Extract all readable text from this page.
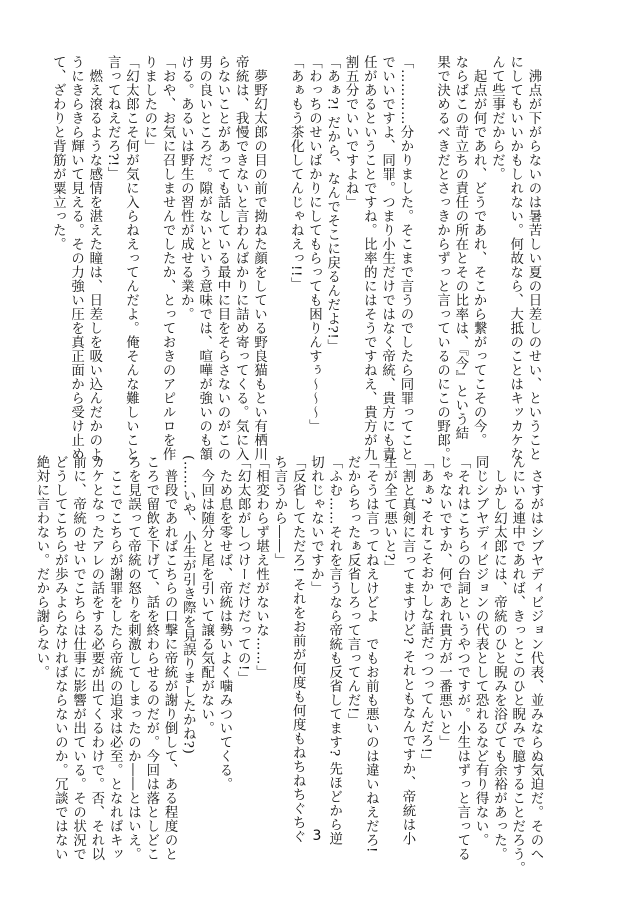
　沸点が下がらないのは暑苦しい夏の日差しのせい、ということ
にしてもいいかもしれない。何故なら、大抵のことはキッカケな
んて些事だからだ。
　起点が何であれ、どうであれ、そこから繋がってこその今。
ならばこの苛立ちの責任の所在とその比率は、『今』という結
果で決めるべきだとさっきからずっと言っているのにこの野郎。

「…………分かりました。そこまで言うのでしたら同罪ってこと
でいいですよ、同罪。つまり小生だけではなく帝統、貴方にも責
任があるということですね。比率的にはそうですねえ、貴方が九
割五分でいいですよね」
「あぁ?! だから、なんでそこに戻るんだよ?!」
「わっちのせいばかりにしてもらっても困りんすぅ〜〜〜」
「あぁもう茶化してんじゃねえっ!!」

　夢野幻太郎の目の前で拗ねた顔をしている野良猫もとい有栖川
帝統は、我慢できないと言わんばかりに詰め寄ってくる。気に入
らないことがあっても話している最中に目をそらさないのがこの
男の良いところだ。隙がないという意味では、喧嘩が強いのも頷
ける。あるいは野生の習性が成せる業か。
「おや、お気に召しませんでしたか、とっておきのアピルロを作
りましたのに」
「幻太郎こそ何が気に入らねえってんだよ。俺そんな難しいこと
言ってねえだろ?!」
　燃え滾るような感情を湛えた瞳は、日差しを吸い込んだかのよ
うにきらきら輝いて見える。その力強い圧を真正面から受け止め
て、ざわりと背筋が粟立った。
　さすがはシブヤディビジョン代表、並みならぬ気迫だ。そのへ
んにいる連中であれば、きっとこのひと睨みで臆することだろう。
　しかし幻太郎には、帝統のひと睨みを浴びても余裕があった。
同じシブヤディビジョンの代表として恐れるなど有り得ない。
「それはこちらの台詞というやつですが。小生はずっと言ってる
じゃないですか、何であれ貴方が一番悪いと」
「あぁ? それこそおかしな話だっつってんだろ!」
「割と真剣に言ってますけど? それともなんですか、帝統は小
生が全て悪いと?」
「そうは言ってねえけどよ　でもお前も悪いのは違いねえだろ!
だからちったぁ反省しろって言ってんだ!」
「ふむ……それを言うなら帝統も反省してます? 先ほどから逆
切れじゃないですか」
「反省してただろ! それをお前が何度も何度もねちねちぐちぐ
ち言うから――」
「相変わらず堪え性がないな……」
「幻太郎がしつけーだけだっての!」
　ため息を零せば、帝統は勢いよく噛みついてくる。
　今回は随分と尾を引いて譲る気配がない。
(……いや、小生が引き際を見誤りましたかね?)
　普段であればこちらの口撃に帝統が謝り倒して、ある程度のと
ころで留飲を下げて、話を終わらせるのだが。今回は落としどこ
ろを見誤って帝統の怒りを刺激してしまったのか――とはいえ。
　ここでこちらが謝罪をしたら帝統の追求は必至。となればキッ
カケとなったアレの話をする必要が出てくるわけで。否、それ以
前に、帝統のせいでこちらは仕事に影響が出ている。その状況で
どうしてこちらが歩みよらなければならないのか。冗談ではない
絶対に言わない。だから謝らない。
3
